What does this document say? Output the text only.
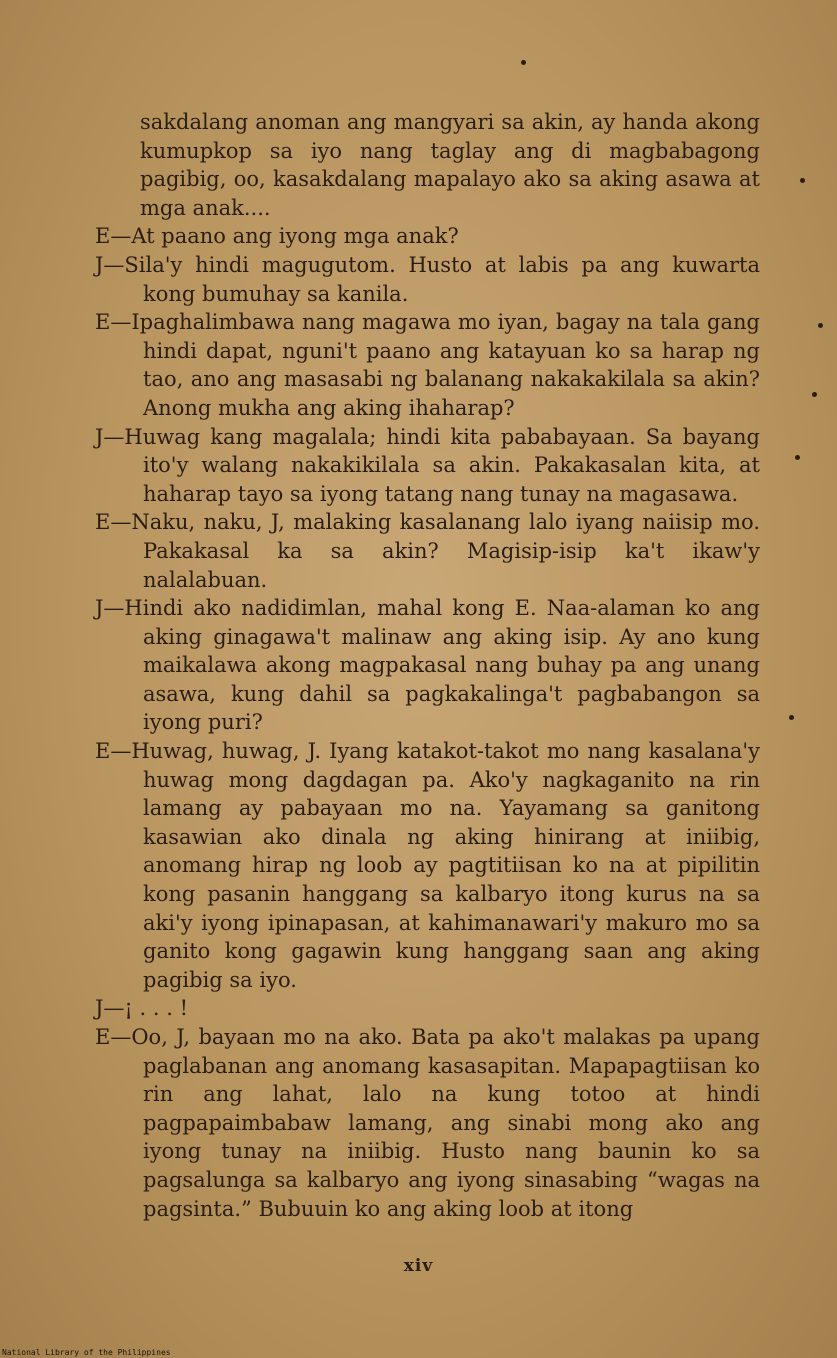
sakdalang anoman ang mangyari sa akin, ay handa akong kumupkop sa iyo nang taglay ang di magbabagong pagibig, oo, kasakdalang mapalayo ako sa aking asawa at mga anak....

E—At paano ang iyong mga anak?

J—Sila'y hindi magugutom. Husto at labis pa ang kuwarta kong bumuhay sa kanila.

E—Ipaghalimbawa nang magawa mo iyan, bagay na tala gang hindi dapat, nguni't paano ang katayuan ko sa harap ng tao, ano ang masasabi ng balanang nakakakilala sa akin? Anong mukha ang aking ihaharap?

J—Huwag kang magalala; hindi kita pababayaan. Sa bayang ito'y walang nakakikilala sa akin. Pakakasalan kita, at haharap tayo sa iyong tatang nang tunay na magasawa.

E—Naku, naku, J, malaking kasalanang lalo iyang naiisip mo. Pakakasal ka sa akin? Magisip-isip ka't ikaw'y nalalabuan.

J—Hindi ako nadidimlan, mahal kong E. Naa-alaman ko ang aking ginagawa't malinaw ang aking isip. Ay ano kung maikalawa akong magpakasal nang buhay pa ang unang asawa, kung dahil sa pagkakalinga't pagbabangon sa iyong puri?

E—Huwag, huwag, J. Iyang katakot-takot mo nang kasalana'y huwag mong dagdagan pa. Ako'y nagkaganito na rin lamang ay pabayaan mo na. Yayamang sa ganitong kasawian ako dinala ng aking hinirang at iniibig, anomang hirap ng loob ay pagtitiisan ko na at pipilitin kong pasanin hanggang sa kalbaryo itong kurus na sa aki'y iyong ipinapasan, at kahimanawari'y makuro mo sa ganito kong gagawin kung hanggang saan ang aking pagibig sa iyo.

J—¡ . . . !

E—Oo, J, bayaan mo na ako. Bata pa ako't malakas pa upang paglabanan ang anomang kasasapitan. Mapapagtiisan ko rin ang lahat, lalo na kung totoo at hindi pagpapaimbabaw lamang, ang sinabi mong ako ang iyong tunay na iniibig. Husto nang baunin ko sa pagsalunga sa kalbaryo ang iyong sinasabing “wagas na pagsinta.” Bubuuin ko ang aking loob at itong

xiv
National Library of the Philippines
